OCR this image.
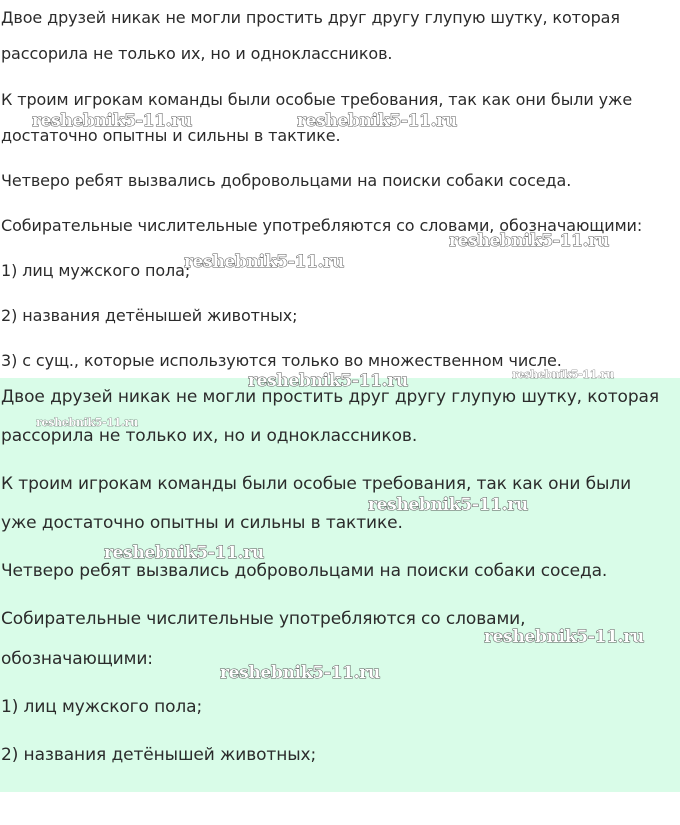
Двое друзей никак не могли простить друг другу глупую шутку, которая

рассорила не только их, но и одноклассников.

К троим игрокам команды были особые требования, так как они были уже

достаточно опытны и сильны в тактике.

Четверо ребят вызвались добровольцами на поиски собаки соседа.

Собирательные числительные употребляются со словами, обозначающими:

1) лиц мужского пола;

2) названия детёнышей животных;

3) с сущ., которые используются только во множественном числе.

Двое друзей никак не могли простить друг другу глупую шутку, которая

рассорила не только их, но и одноклассников.

К троим игрокам команды были особые требования, так как они были

уже достаточно опытны и сильны в тактике.

Четверо ребят вызвались добровольцами на поиски собаки соседа.

Собирательные числительные употребляются со словами,

обозначающими:

1) лиц мужского пола;

2) названия детёнышей животных;

reshebnik5-11.ru	reshebnik5-11.ru
reshebnik5-11.ru
reshebnik5-11.ru
reshebnik5-11.ru	reshebnik5-11.ru
reshebnik5-11.ru
reshebnik5-11.ru
reshebnik5-11.ru
reshebnik5-11.ru
reshebnik5-11.ru
